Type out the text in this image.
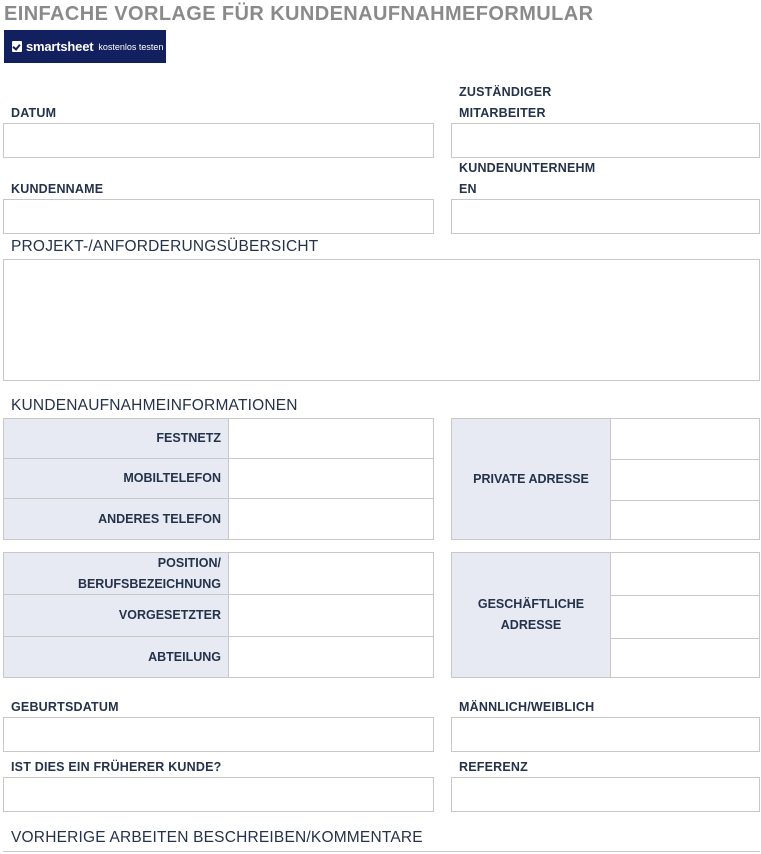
EINFACHE VORLAGE FÜR KUNDENAUFNAHMEFORMULAR
smartsheet kostenlos testen
DATUM
ZUSTÄNDIGER
MITARBEITER
KUNDENNAME
KUNDENUNTERNEHM
EN
PROJEKT-/ANFORDERUNGSÜBERSICHT
KUNDENAUFNAHMEINFORMATIONEN
FESTNETZ
MOBILTELEFON
ANDERES TELEFON
PRIVATE ADRESSE
POSITION/
BERUFSBEZEICHNUNG
VORGESETZTER
ABTEILUNG
GESCHÄFTLICHE
ADRESSE
GEBURTSDATUM	MÄNNLICH/WEIBLICH
IST DIES EIN FRÜHERER KUNDE?	REFERENZ
VORHERIGE ARBEITEN BESCHREIBEN/KOMMENTARE
